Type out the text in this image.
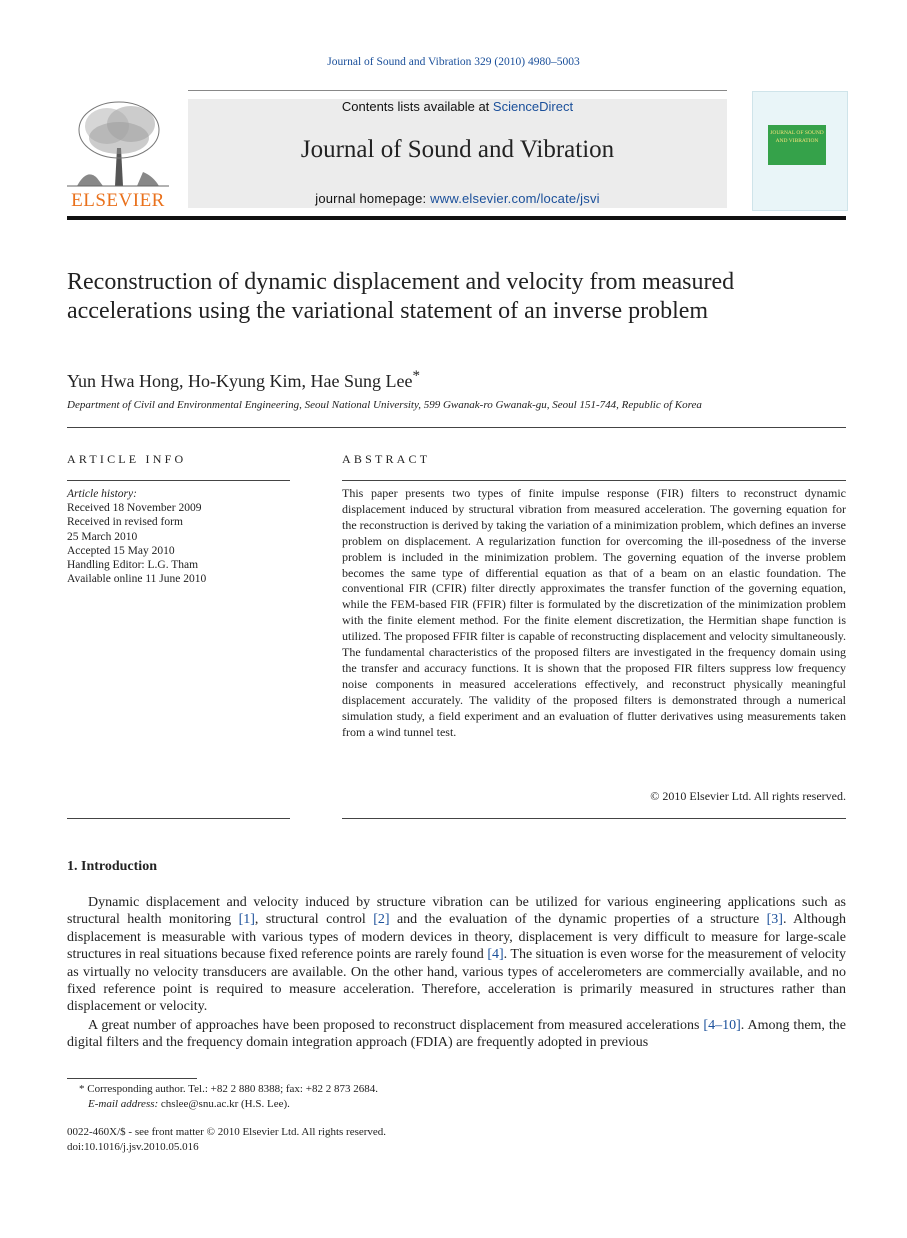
Journal of Sound and Vibration 329 (2010) 4980–5003
ELSEVIER
Contents lists available at ScienceDirect
Journal of Sound and Vibration
journal homepage: www.elsevier.com/locate/jsvi
JOURNAL OF SOUND AND VIBRATION
Reconstruction of dynamic displacement and velocity from measured accelerations using the variational statement of an inverse problem
Yun Hwa Hong, Ho-Kyung Kim, Hae Sung Lee*
Department of Civil and Environmental Engineering, Seoul National University, 599 Gwanak-ro Gwanak-gu, Seoul 151-744, Republic of Korea
ARTICLE INFO	ABSTRACT
Article history:
Received 18 November 2009
Received in revised form
25 March 2010
Accepted 15 May 2010
Handling Editor: L.G. Tham
Available online 11 June 2010
This paper presents two types of finite impulse response (FIR) filters to reconstruct dynamic displacement induced by structural vibration from measured acceleration. The governing equation for the reconstruction is derived by taking the variation of a minimization problem, which defines an inverse problem on displacement. A regularization function for overcoming the ill-posedness of the inverse problem is included in the minimization problem. The governing equation of the inverse problem becomes the same type of differential equation as that of a beam on an elastic foundation. The conventional FIR (CFIR) filter directly approximates the transfer function of the governing equation, while the FEM-based FIR (FFIR) filter is formulated by the discretization of the minimization problem with the finite element method. For the finite element discretization, the Hermitian shape function is utilized. The proposed FFIR filter is capable of reconstructing displacement and velocity simultaneously. The fundamental characteristics of the proposed filters are investigated in the frequency domain using the transfer and accuracy functions. It is shown that the proposed FIR filters suppress low frequency noise components in measured accelerations effectively, and reconstruct physically meaningful displacement accurately. The validity of the proposed filters is demonstrated through a numerical simulation study, a field experiment and an evaluation of flutter derivatives using measurements taken from a wind tunnel test.
© 2010 Elsevier Ltd. All rights reserved.
1. Introduction
Dynamic displacement and velocity induced by structure vibration can be utilized for various engineering applications such as structural health monitoring [1], structural control [2] and the evaluation of the dynamic properties of a structure [3]. Although displacement is measurable with various types of modern devices in theory, displacement is very difficult to measure for large-scale structures in real situations because fixed reference points are rarely found [4]. The situation is even worse for the measurement of velocity as virtually no velocity transducers are available. On the other hand, various types of accelerometers are commercially available, and no fixed reference point is required to measure acceleration. Therefore, acceleration is primarily measured in structures rather than displacement or velocity.
A great number of approaches have been proposed to reconstruct displacement from measured accelerations [4–10]. Among them, the digital filters and the frequency domain integration approach (FDIA) are frequently adopted in previous
* Corresponding author. Tel.: +82 2 880 8388; fax: +82 2 873 2684.
E-mail address: chslee@snu.ac.kr (H.S. Lee).
0022-460X/$ - see front matter © 2010 Elsevier Ltd. All rights reserved.
doi:10.1016/j.jsv.2010.05.016
